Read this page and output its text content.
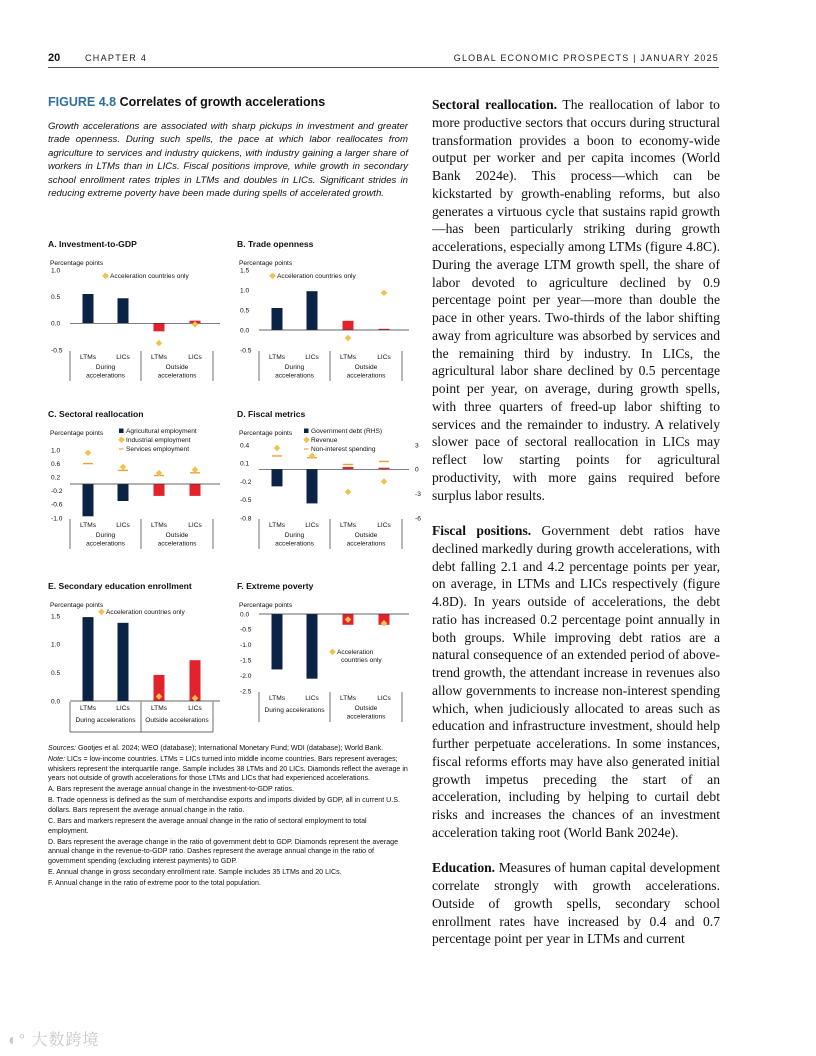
20	CHAPTER 4	GLOBAL ECONOMIC PROSPECTS | JANUARY 2025
FIGURE 4.8 Correlates of growth accelerations
Growth accelerations are associated with sharp pickups in investment and greater trade openness. During such spells, the pace at which labor reallocates from agriculture to services and industry quickens, with industry gaining a larger share of workers in LTMs than in LICs. Fiscal positions improve, while growth in secondary school enrollment rates triples in LTMs and doubles in LICs. Significant strides in reducing extreme poverty have been made during spells of accelerated growth.
A. Investment-to-GDP	B. Trade openness
C. Sectoral reallocation	D. Fiscal metrics
E. Secondary education enrollment	F. Extreme poverty
Percentage points
1.0
0.5
0.0
-0.5
LTMs	LICs	LTMs	LICs
During
accelerations
Outside
accelerations
Acceleration countries only
Percentage points
1.5
1.0
0.5
0.0
-0.5
LTMs	LICs	LTMs	LICs
During
accelerations
Outside
accelerations
Acceleration countries only
Percentage points
1.0
0.6
0.2
-0.2
-0.6
-1.0
LTMs	LICs	LTMs	LICs
During
accelerations
Outside
accelerations
Agricultural employment
Industrial employment
Services employment
Percentage points
0.4
0.1
-0.2
-0.5
-0.8
3
0
-3
-6
LTMs	LICs	LTMs	LICs
During
accelerations
Outside
accelerations
Government debt (RHS)
Revenue
Non-interest spending
Percentage points
1.5
1.0
0.5
0.0
LTMs	LICs	LTMs	LICs
During accelerations Outside accelerations
Acceleration countries only
Percentage points
0.0
-0.5
-1.0
-1.5
-2.0
-2.5
LTMs	LICs	LTMs	LICs
During accelerations	Outside
accelerations
Acceleration
countries only

Sources: Gootjes et al. 2024; WEO (database); International Monetary Fund; WDI (database); World Bank.

Note: LICs = low-income countries. LTMs = LICs turned into middle income countries. Bars represent averages; whiskers represent the interquartile range. Sample includes 38 LTMs and 20 LICs. Diamonds reflect the average in years not outside of growth accelerations for those LTMs and LICs that had experienced accelerations.

A. Bars represent the average annual change in the investment-to-GDP ratios.

B. Trade openness is defined as the sum of merchandise exports and imports divided by GDP, all in current U.S. dollars. Bars represent the average annual change in the ratio.

C. Bars and markers represent the average annual change in the ratio of sectoral employment to total employment.

D. Bars represent the average change in the ratio of government debt to GDP. Diamonds represent the average annual change in the revenue-to-GDP ratio. Dashes represent the average annual change in the ratio of government spending (excluding interest payments) to GDP.

E. Annual change in gross secondary enrollment rate. Sample includes 35 LTMs and 20 LICs.

F. Annual change in the ratio of extreme poor to the total population.

Sectoral reallocation. The reallocation of labor to more productive sectors that occurs during structural transformation provides a boon to economy-wide output per worker and per capita incomes (World Bank 2024e). This process—which can be kickstarted by growth-enabling reforms, but also generates a virtuous cycle that sustains rapid growth—has been particularly striking during growth accelerations, especially among LTMs (figure 4.8C). During the average LTM growth spell, the share of labor devoted to agriculture declined by 0.9 percentage point per year—more than double the pace in other years. Two-thirds of the labor shifting away from agriculture was absorbed by services and the remaining third by industry. In LICs, the agricultural labor share declined by 0.5 percentage point per year, on average, during growth spells, with three quarters of freed-up labor shifting to services and the remainder to industry. A relatively slower pace of sectoral reallocation in LICs may reflect low starting points for agricultural productivity, with more gains required before surplus labor results.

Fiscal positions. Government debt ratios have declined markedly during growth accelerations, with debt falling 2.1 and 4.2 percentage points per year, on average, in LTMs and LICs respectively (figure 4.8D). In years outside of accelerations, the debt ratio has increased 0.2 percentage point annually in both groups. While improving debt ratios are a natural consequence of an extended period of above-trend growth, the attendant increase in revenues also allow governments to increase non-interest spending which, when judiciously allocated to areas such as education and infrastructure investment, should help further perpetuate accelerations. In some instances, fiscal reforms efforts may have also generated initial growth impetus preceding the start of an acceleration, including by helping to curtail debt risks and increases the chances of an investment acceleration taking root (World Bank 2024e).

Education. Measures of human capital development correlate strongly with growth accelerations. Outside of growth spells, secondary school enrollment rates have increased by 0.4 and 0.7 percentage point per year in LTMs and current

◐° 大数跨境
